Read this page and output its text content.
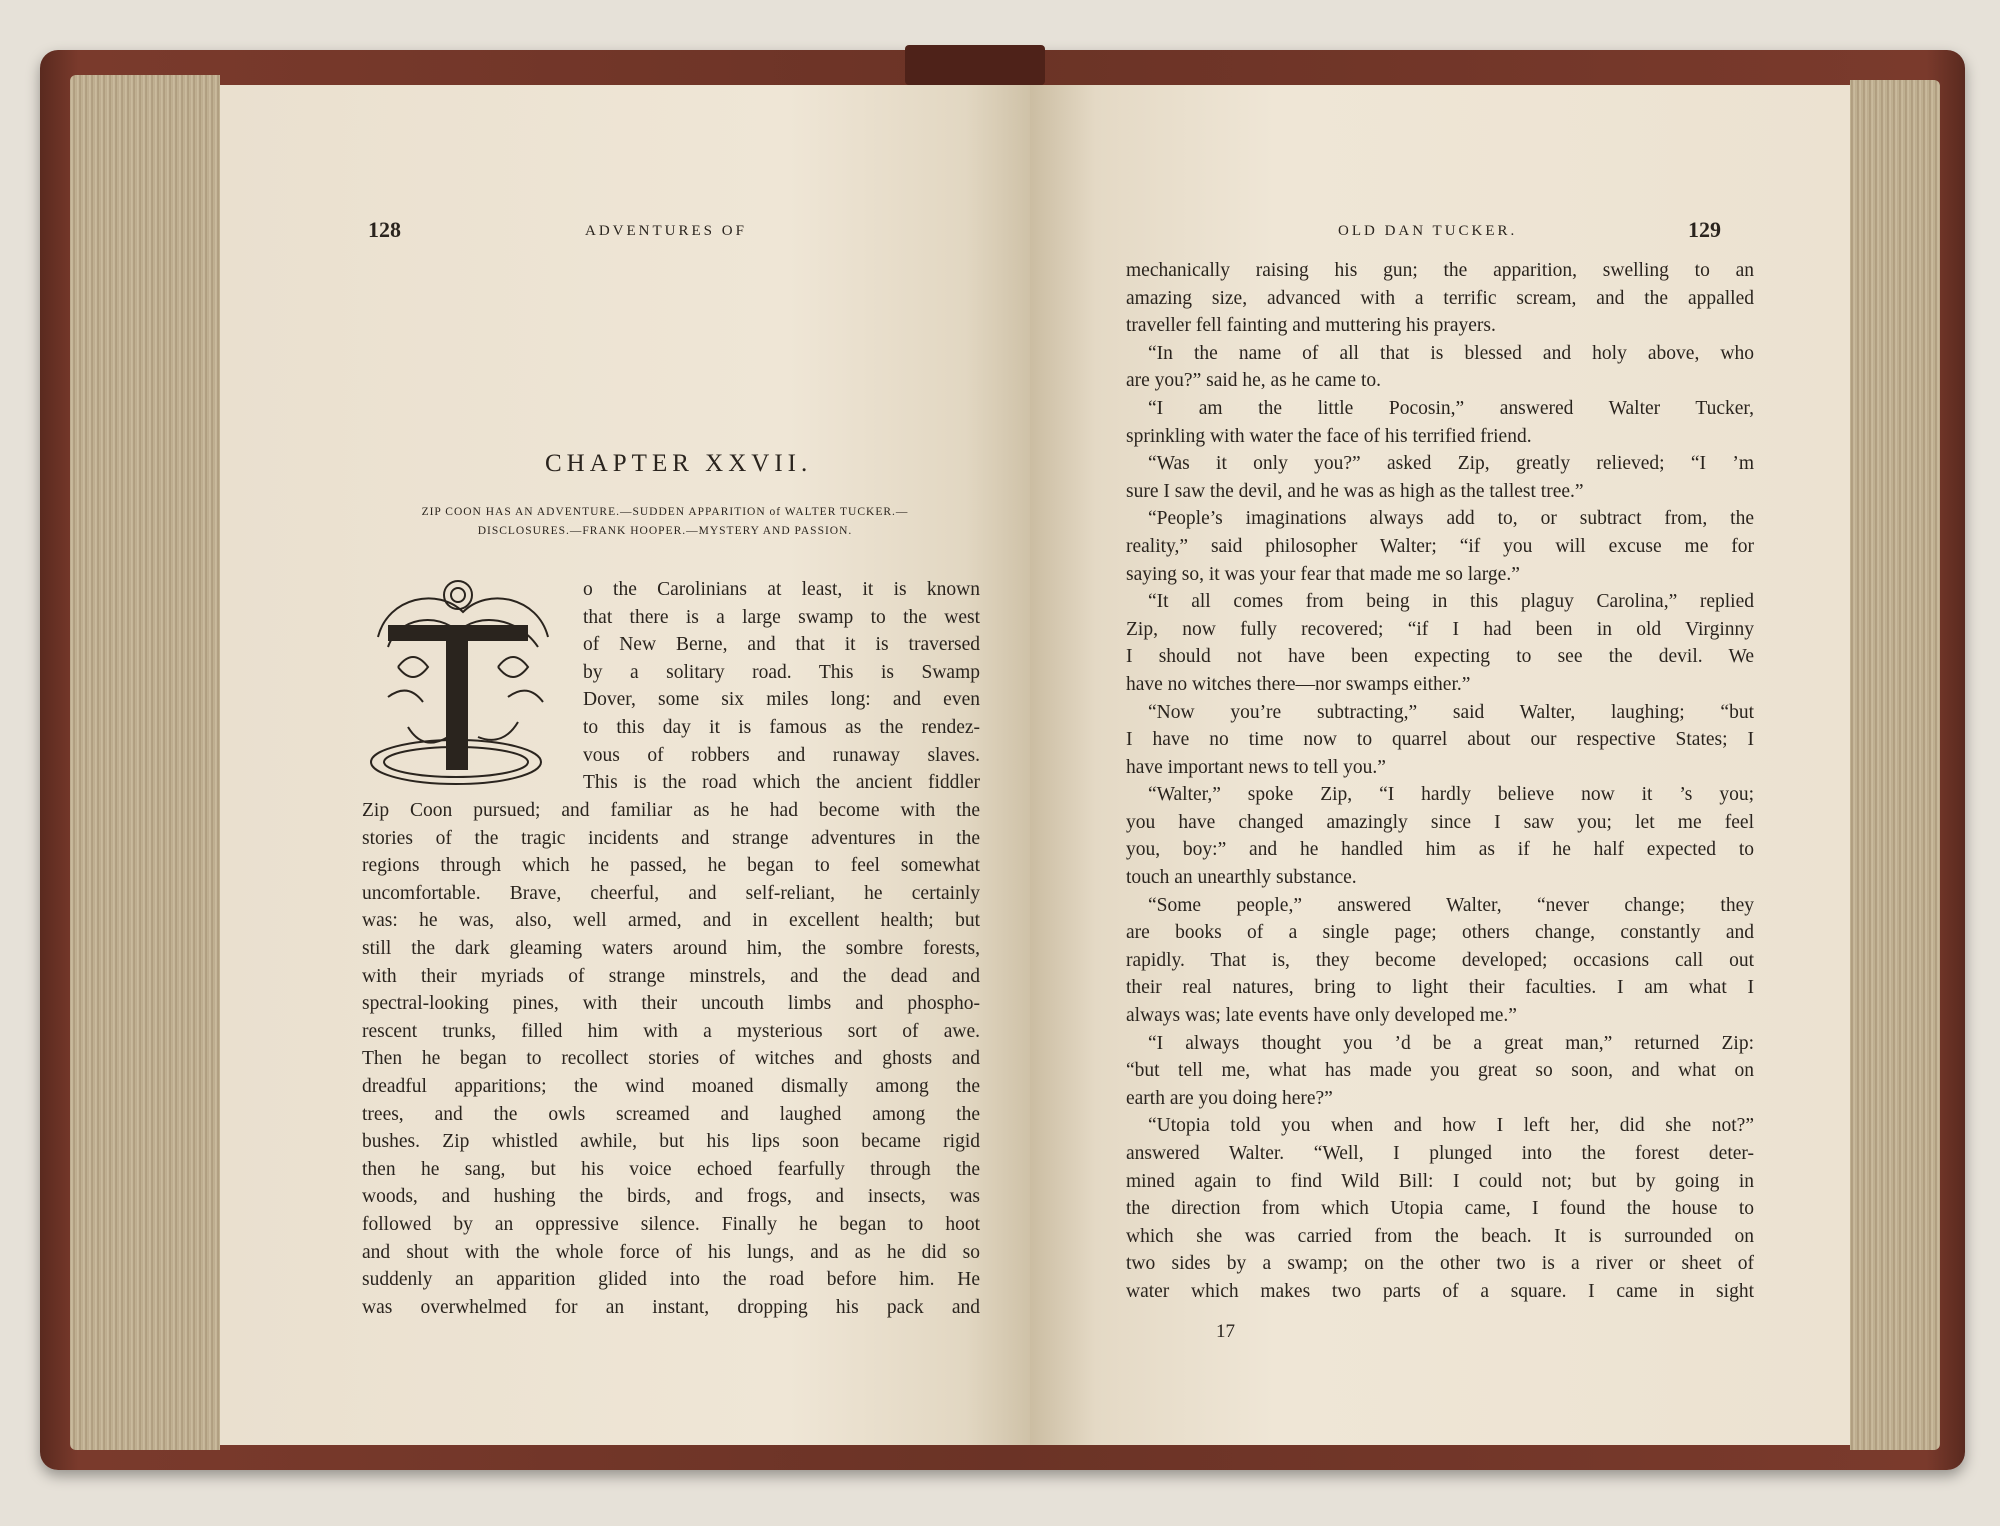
128	ADVENTURES OF
CHAPTER XXVII.
ZIP COON HAS AN ADVENTURE.—SUDDEN APPARITION of WALTER TUCKER.—
DISCLOSURES.—FRANK HOOPER.—MYSTERY AND PASSION.
T
o the Carolinians at least, it is known
that there is a large swamp to the west
of New Berne, and that it is traversed
by a solitary road. This is Swamp
Dover, some six miles long: and even
to this day it is famous as the rendez-
vous of robbers and runaway slaves.
This is the road which the ancient fiddler
Zip Coon pursued; and familiar as he had become with the
stories of the tragic incidents and strange adventures in the
regions through which he passed, he began to feel somewhat
uncomfortable. Brave, cheerful, and self-reliant, he certainly
was: he was, also, well armed, and in excellent health; but
still the dark gleaming waters around him, the sombre forests,
with their myriads of strange minstrels, and the dead and
spectral-looking pines, with their uncouth limbs and phospho-
rescent trunks, filled him with a mysterious sort of awe.
Then he began to recollect stories of witches and ghosts and
dreadful apparitions; the wind moaned dismally among the
trees, and the owls screamed and laughed among the
bushes. Zip whistled awhile, but his lips soon became rigid
then he sang, but his voice echoed fearfully through the
woods, and hushing the birds, and frogs, and insects, was
followed by an oppressive silence. Finally he began to hoot
and shout with the whole force of his lungs, and as he did so
suddenly an apparition glided into the road before him. He
was overwhelmed for an instant, dropping his pack and
OLD DAN TUCKER.	129
mechanically raising his gun; the apparition, swelling to an
amazing size, advanced with a terrific scream, and the appalled
traveller fell fainting and muttering his prayers.
“In the name of all that is blessed and holy above, who
are you?” said he, as he came to.
“I am the little Pocosin,” answered Walter Tucker,
sprinkling with water the face of his terrified friend.
“Was it only you?” asked Zip, greatly relieved; “I ’m
sure I saw the devil, and he was as high as the tallest tree.”
“People’s imaginations always add to, or subtract from, the
reality,” said philosopher Walter; “if you will excuse me for
saying so, it was your fear that made me so large.”
“It all comes from being in this plaguy Carolina,” replied
Zip, now fully recovered; “if I had been in old Virginny
I should not have been expecting to see the devil. We
have no witches there—nor swamps either.”
“Now you’re subtracting,” said Walter, laughing; “but
I have no time now to quarrel about our respective States; I
have important news to tell you.”
“Walter,” spoke Zip, “I hardly believe now it ’s you;
you have changed amazingly since I saw you; let me feel
you, boy:” and he handled him as if he half expected to
touch an unearthly substance.
“Some people,” answered Walter, “never change; they
are books of a single page; others change, constantly and
rapidly. That is, they become developed; occasions call out
their real natures, bring to light their faculties. I am what I
always was; late events have only developed me.”
“I always thought you ’d be a great man,” returned Zip:
“but tell me, what has made you great so soon, and what on
earth are you doing here?”
“Utopia told you when and how I left her, did she not?”
answered Walter. “Well, I plunged into the forest deter-
mined again to find Wild Bill: I could not; but by going in
the direction from which Utopia came, I found the house to
which she was carried from the beach. It is surrounded on
two sides by a swamp; on the other two is a river or sheet of
water which makes two parts of a square. I came in sight
17
